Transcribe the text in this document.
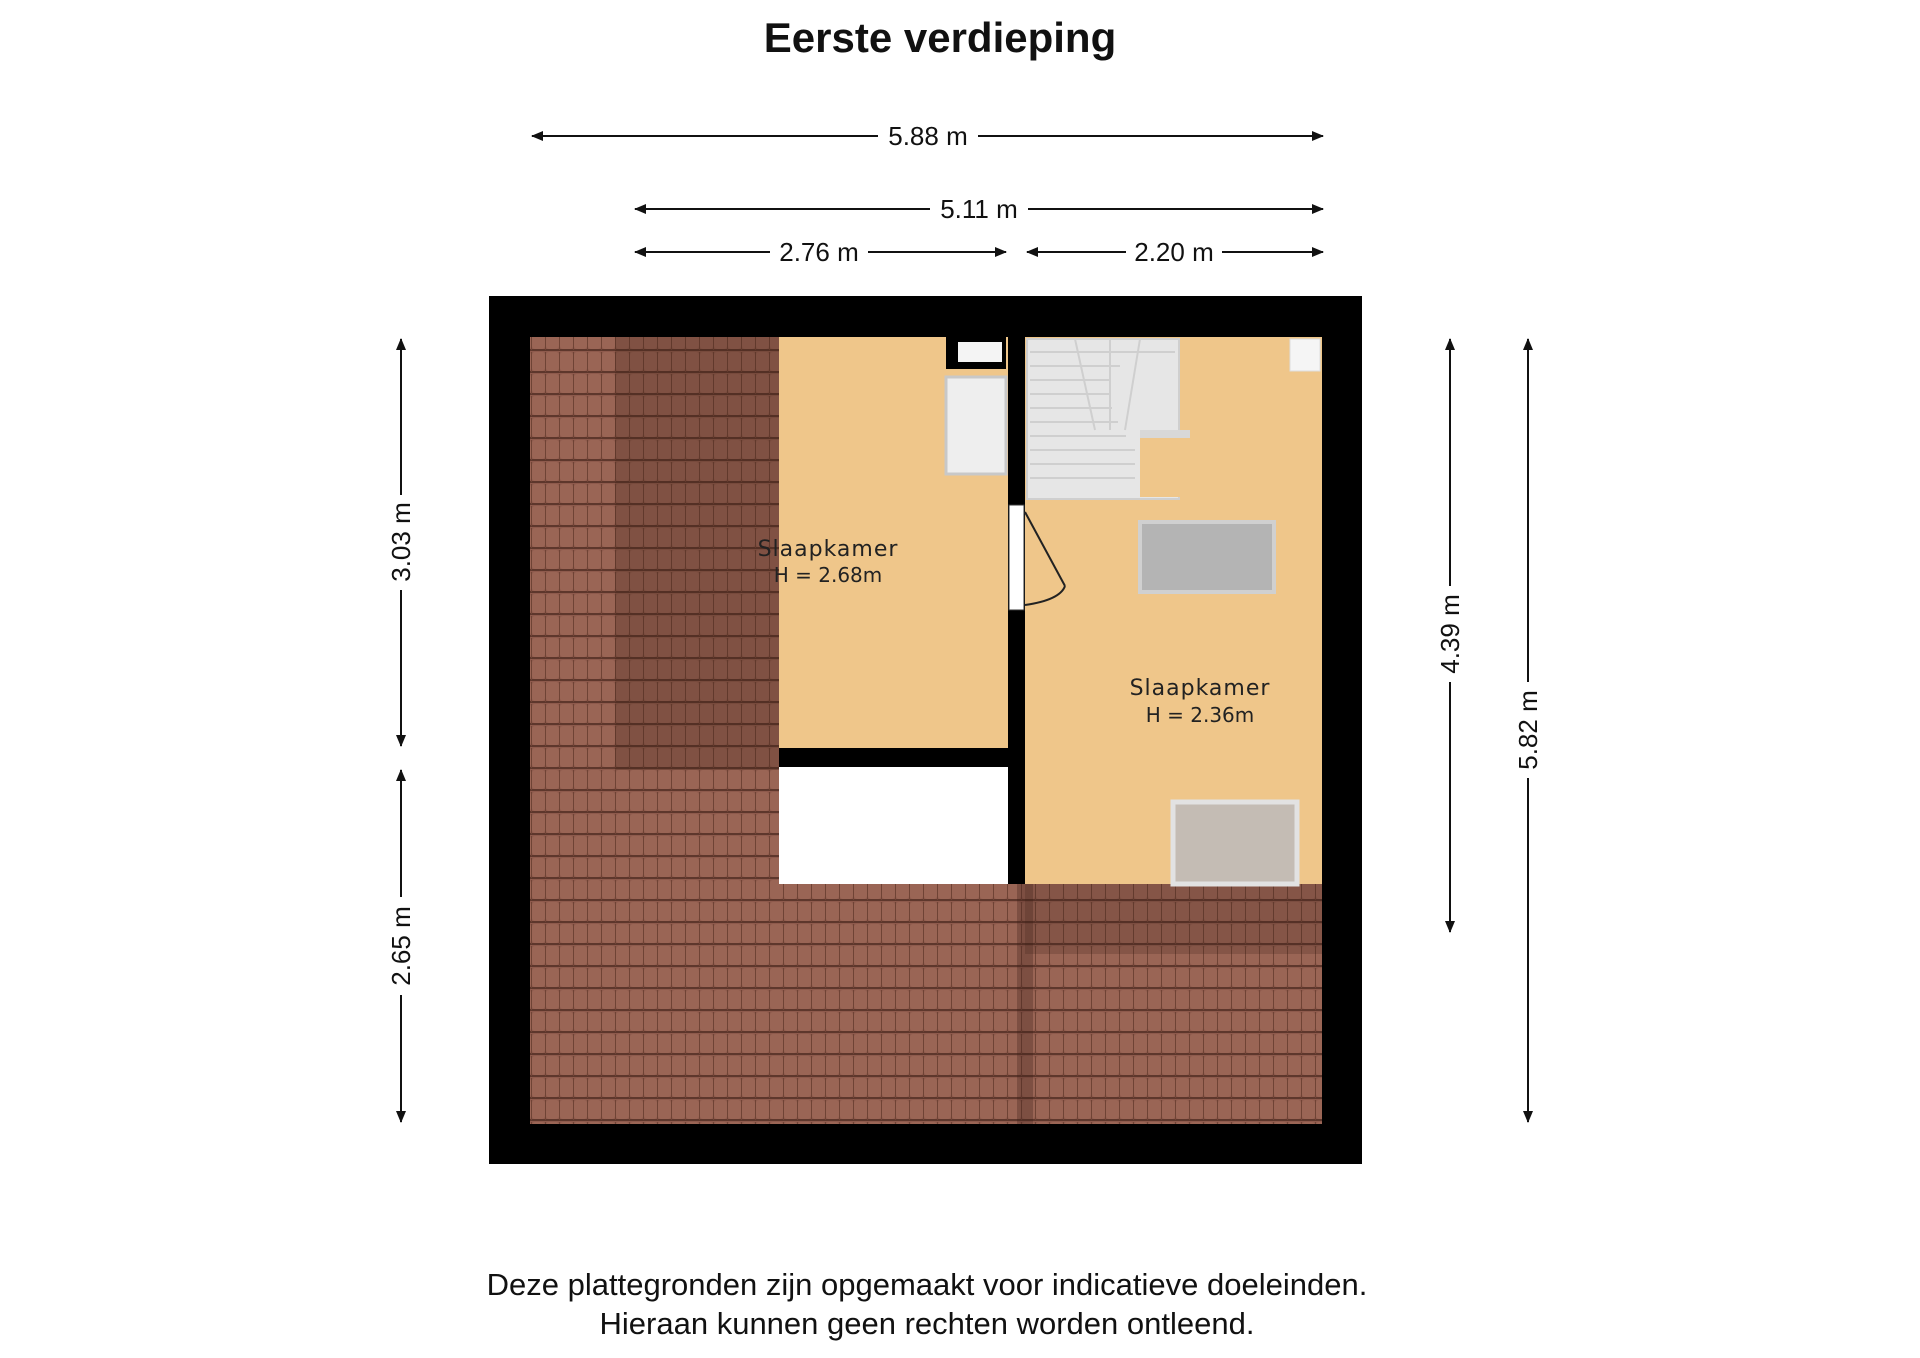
Eerste verdieping
Slaapkamer
H = 2.68m
Slaapkamer
H = 2.36m
5.88 m
5.11 m
2.76 m	2.20 m
3.03 m
2.65 m
4.39 m
5.82 m
Deze plattegronden zijn opgemaakt voor indicatieve doeleinden.
Hieraan kunnen geen rechten worden ontleend.
